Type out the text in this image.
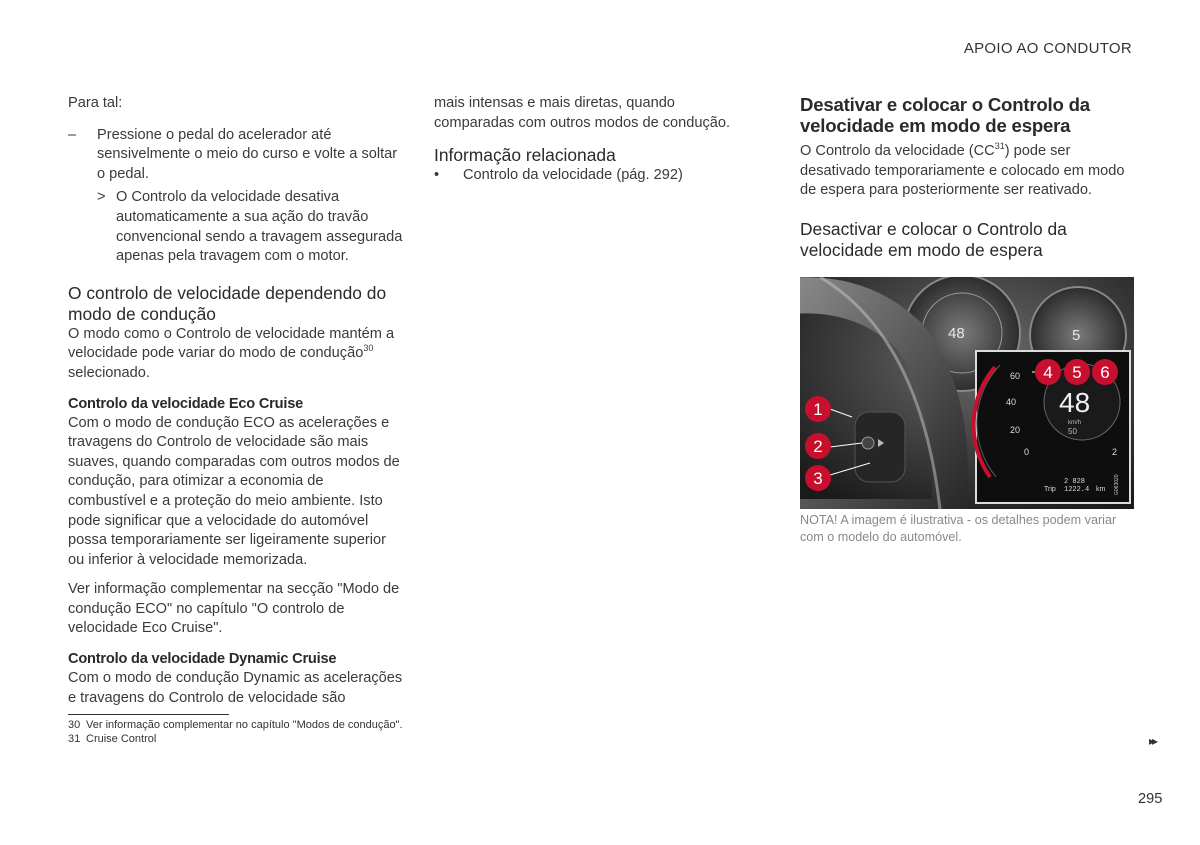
APOIO AO CONDUTOR

Para tal:

–	Pressione o pedal do acelerador até sensivelmente o meio do curso e volte a soltar o pedal.
> O Controlo da velocidade desativa automaticamente a sua ação do travão convencional sendo a travagem assegurada apenas pela travagem com o motor.
O controlo de velocidade dependendo do modo de condução

O modo como o Controlo de velocidade mantém a velocidade pode variar do modo de condução$^{30}$ selecionado.

Controlo da velocidade Eco Cruise

Com o modo de condução ECO as acelerações e travagens do Controlo de velocidade são mais suaves, quando comparadas com outros modos de condução, para otimizar a economia de combustível e a proteção do meio ambiente. Isto pode significar que a velocidade do automóvel possa temporariamente ser ligeiramente superior ou inferior à velocidade memorizada.

Ver informação complementar na secção "Modo de condução ECO" no capítulo "O controlo de velocidade Eco Cruise".

Controlo da velocidade Dynamic Cruise

Com o modo de condução Dynamic as acelerações e travagens do Controlo de velocidade são

mais intensas e mais diretas, quando comparadas com outros modos de condução.

Informação relacionada
•	Controlo da velocidade (pág. 292)
Desativar e colocar o Controlo da velocidade em modo de espera

O Controlo da velocidade (CC$^{31}$) pode ser desativado temporariamente e colocado em modo de espera para posteriormente ser reativado.

Desactivar e colocar o Controlo da velocidade em modo de espera
48	5
48
km/h
50
60
40
20
0	2
2 828
Trip 1222.4 km G063020
1
2
3
4 5 6
NOTA! A imagem é ilustrativa - os detalhes podem variar com o modelo do automóvel.
30 Ver informação complementar no capítulo "Modos de condução".
31 Cruise Control	▸▸
295
